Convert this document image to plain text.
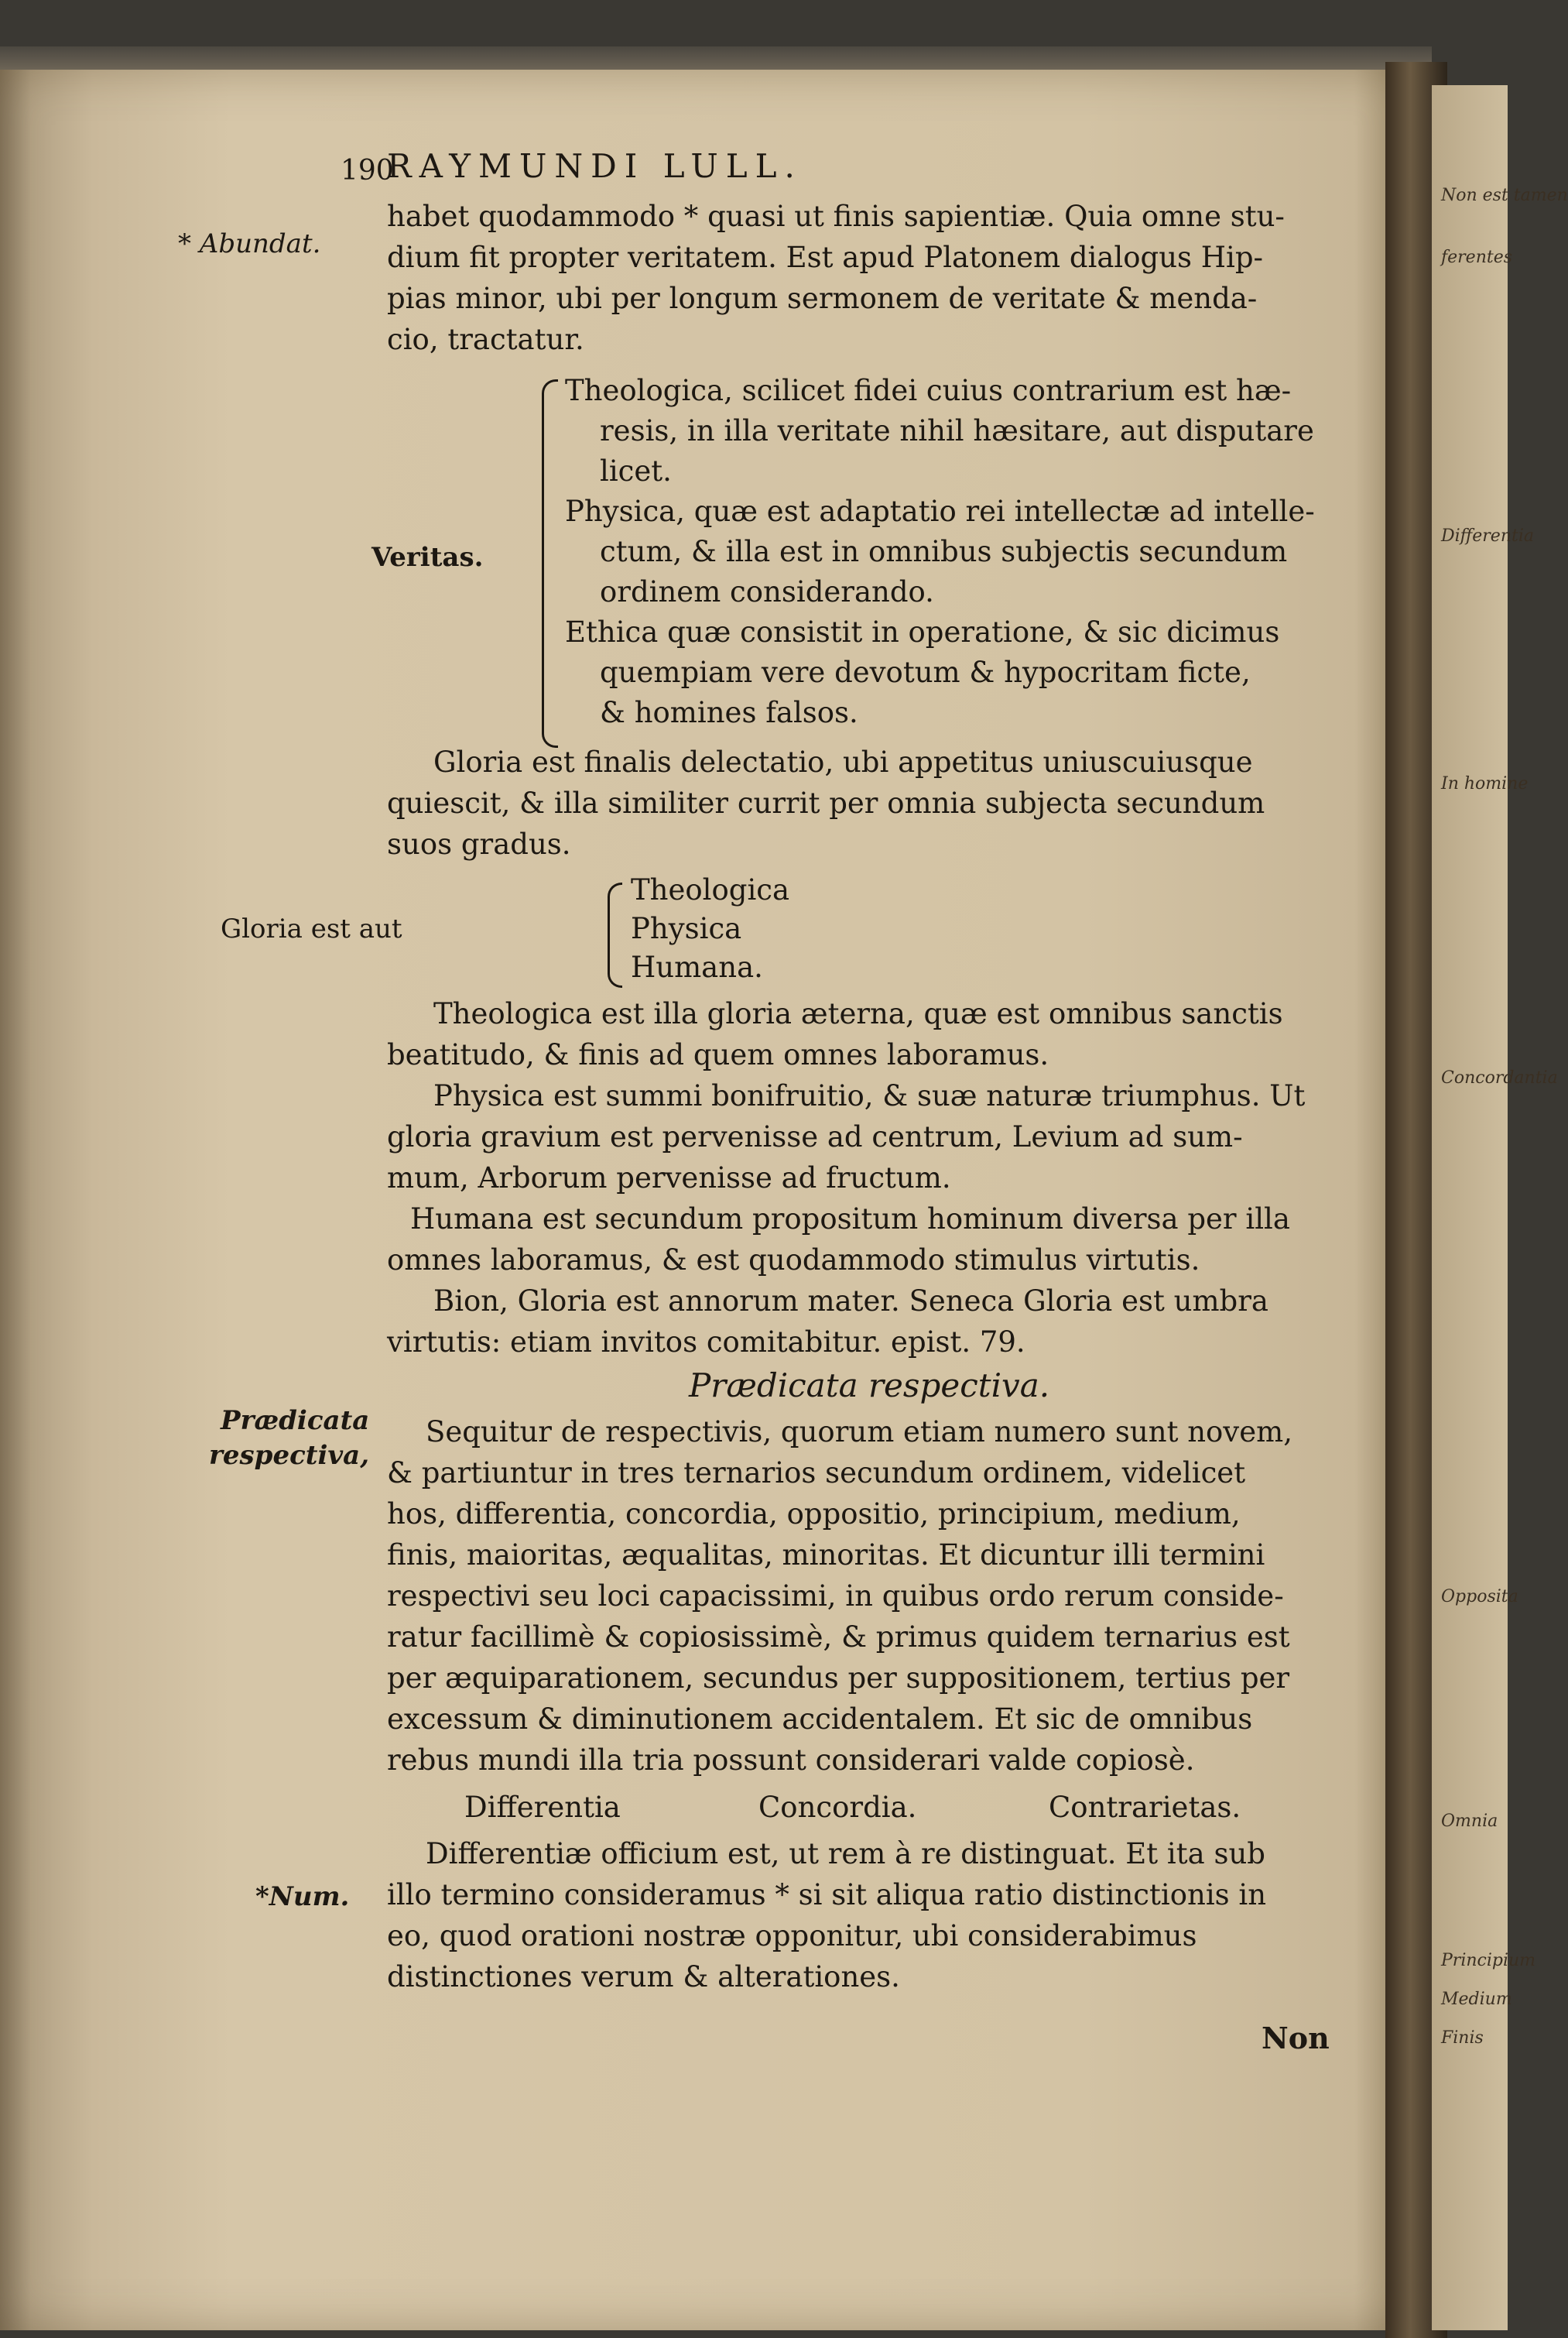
Non est tamen
ferentes
Differentia
In homine
Concordantia
Opposita
Omnia
Principium
Medium
Finis
190
RAYMUNDI LULL.
* Abundat.
Veritas.
Gloria est aut
Prædicata
respectiva,
*Num.
habet quodammodo * quasi ut finis sapientiæ. Quia omne stu-
dium fit propter veritatem. Est apud Platonem dialogus Hip-
pias minor, ubi per longum sermonem de veritate & menda-
cio, tractatur.
Theologica, scilicet fidei cuius contrarium est hæ-
resis, in illa veritate nihil hæsitare, aut disputare
licet.
Physica, quæ est adaptatio rei intellectæ ad intelle-
ctum, & illa est in omnibus subjectis secundum
ordinem considerando.
Ethica quæ consistit in operatione, & sic dicimus
quempiam vere devotum & hypocritam ficte,
& homines falsos.
Gloria est finalis delectatio, ubi appetitus uniuscuiusque
quiescit, & illa similiter currit per omnia subjecta secundum
suos gradus.
Theologica
Physica
Humana.
Theologica est illa gloria æterna, quæ est omnibus sanctis
beatitudo, & finis ad quem omnes laboramus.
Physica est summi bonifruitio, & suæ naturæ triumphus. Ut
gloria gravium est pervenisse ad centrum, Levium ad sum-
mum, Arborum pervenisse ad fructum.
Humana est secundum propositum hominum diversa per illa
omnes laboramus, & est quodammodo stimulus virtutis.
Bion, Gloria est annorum mater. Seneca Gloria est umbra
virtutis: etiam invitos comitabitur. epist. 79.
Prædicata respectiva.
Sequitur de respectivis, quorum etiam numero sunt novem,
& partiuntur in tres ternarios secundum ordinem, videlicet
hos, differentia, concordia, oppositio, principium, medium,
finis, maioritas, æqualitas, minoritas. Et dicuntur illi termini
respectivi seu loci capacissimi, in quibus ordo rerum conside-
ratur facillimè & copiosissimè, & primus quidem ternarius est
per æquiparationem, secundus per suppositionem, tertius per
excessum & diminutionem accidentalem. Et sic de omnibus
rebus mundi illa tria possunt considerari valde copiosè.
Differentia	Concordia.	Contrarietas.
Differentiæ officium est, ut rem à re distinguat. Et ita sub
illo termino consideramus * si sit aliqua ratio distinctionis in
eo, quod orationi nostræ opponitur, ubi considerabimus
distinctiones verum & alterationes.
Non
